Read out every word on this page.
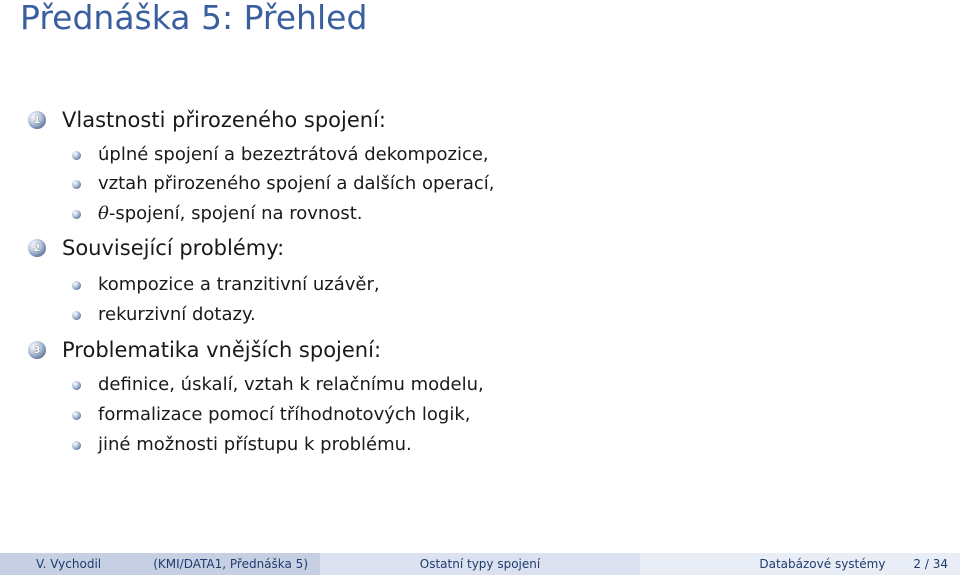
Přednáška 5: Přehled
1 Vlastnosti přirozeného spojení:
úplné spojení a bezeztrátová dekompozice,
vztah přirozeného spojení a dalších operací,
θ-spojení, spojení na rovnost.
2 Související problémy:
kompozice a tranzitivní uzávěr,
rekurzivní dotazy.
3 Problematika vnějších spojení:
definice, úskalí, vztah k relačnímu modelu,
formalizace pomocí tříhodnotových logik,
jiné možnosti přístupu k problému.
V. Vychodil	(KMI/DATA1, Přednáška 5)	Ostatní typy spojení	Databázové systémy 2 / 34
